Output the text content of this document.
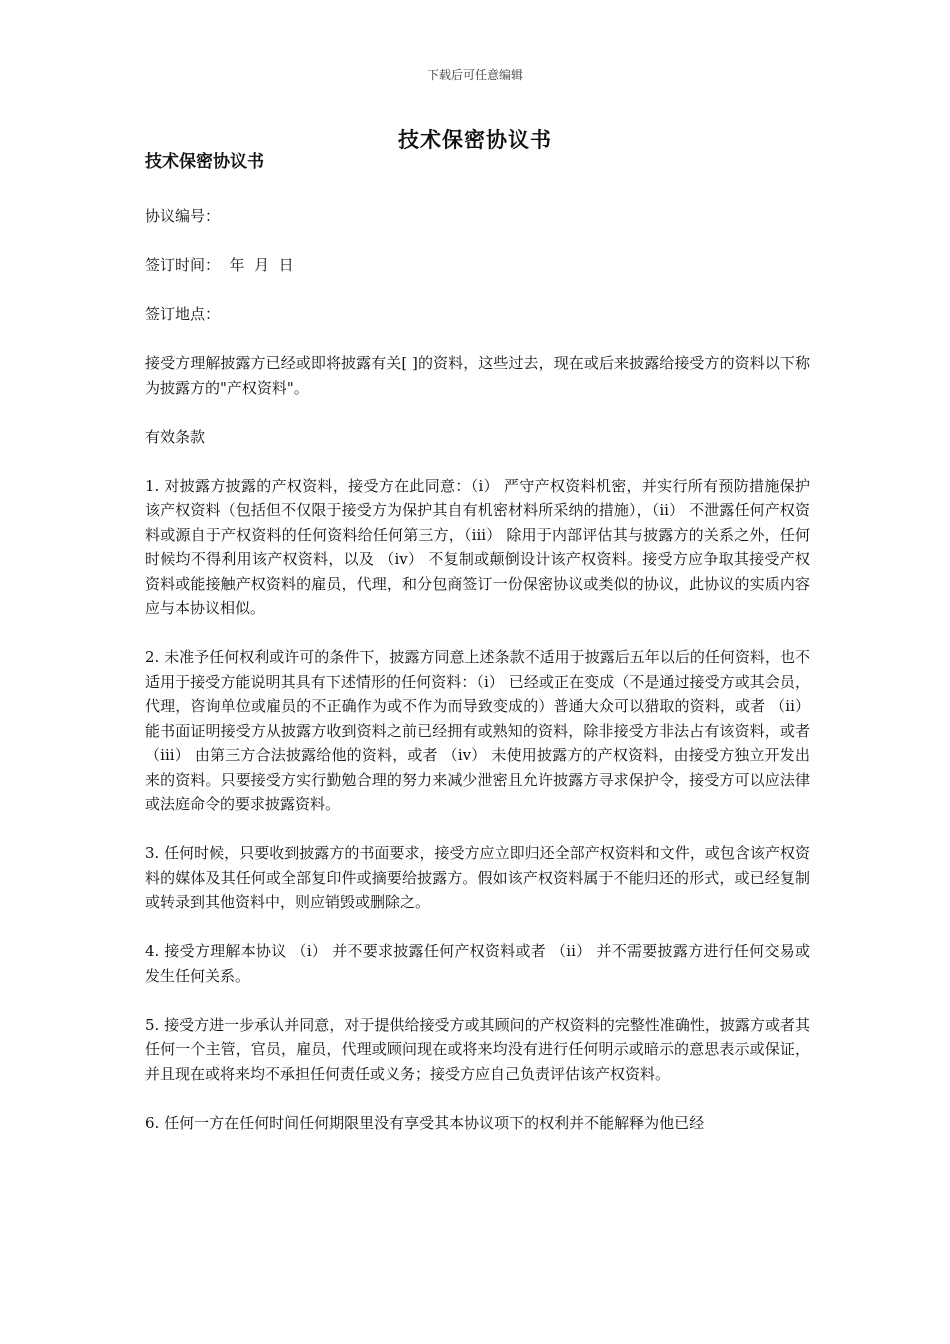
下载后可任意编辑
技术保密协议书
技术保密协议书

协议编号：

签订时间：  年  月  日

签订地点：

接受方理解披露方已经或即将披露有关[ ]的资料，这些过去，现在或后来披露给接受方的资料以下称为披露方的"产权资料"。

有效条款

1. 对披露方披露的产权资料，接受方在此同意：（i） 严守产权资料机密，并实行所有预防措施保护该产权资料（包括但不仅限于接受方为保护其自有机密材料所采纳的措施），（ii） 不泄露任何产权资料或源自于产权资料的任何资料给任何第三方，（iii） 除用于内部评估其与披露方的关系之外，任何时候均不得利用该产权资料，以及 （iv） 不复制或颠倒设计该产权资料。接受方应争取其接受产权资料或能接触产权资料的雇员，代理，和分包商签订一份保密协议或类似的协议，此协议的实质内容应与本协议相似。

2. 未准予任何权利或许可的条件下，披露方同意上述条款不适用于披露后五年以后的任何资料，也不适用于接受方能说明其具有下述情形的任何资料：（i） 已经或正在变成（不是通过接受方或其会员，代理，咨询单位或雇员的不正确作为或不作为而导致变成的）普通大众可以猎取的资料，或者 （ii） 能书面证明接受方从披露方收到资料之前已经拥有或熟知的资料，除非接受方非法占有该资料，或者 （iii） 由第三方合法披露给他的资料，或者 （iv） 未使用披露方的产权资料，由接受方独立开发出来的资料。只要接受方实行勤勉合理的努力来减少泄密且允许披露方寻求保护令，接受方可以应法律或法庭命令的要求披露资料。

3. 任何时候，只要收到披露方的书面要求，接受方应立即归还全部产权资料和文件，或包含该产权资料的媒体及其任何或全部复印件或摘要给披露方。假如该产权资料属于不能归还的形式，或已经复制或转录到其他资料中，则应销毁或删除之。

4. 接受方理解本协议 （i） 并不要求披露任何产权资料或者 （ii） 并不需要披露方进行任何交易或发生任何关系。

5. 接受方进一步承认并同意，对于提供给接受方或其顾问的产权资料的完整性准确性，披露方或者其任何一个主管，官员，雇员，代理或顾问现在或将来均没有进行任何明示或暗示的意思表示或保证，并且现在或将来均不承担任何责任或义务；接受方应自己负责评估该产权资料。

6. 任何一方在任何时间任何期限里没有享受其本协议项下的权利并不能解释为他已经
